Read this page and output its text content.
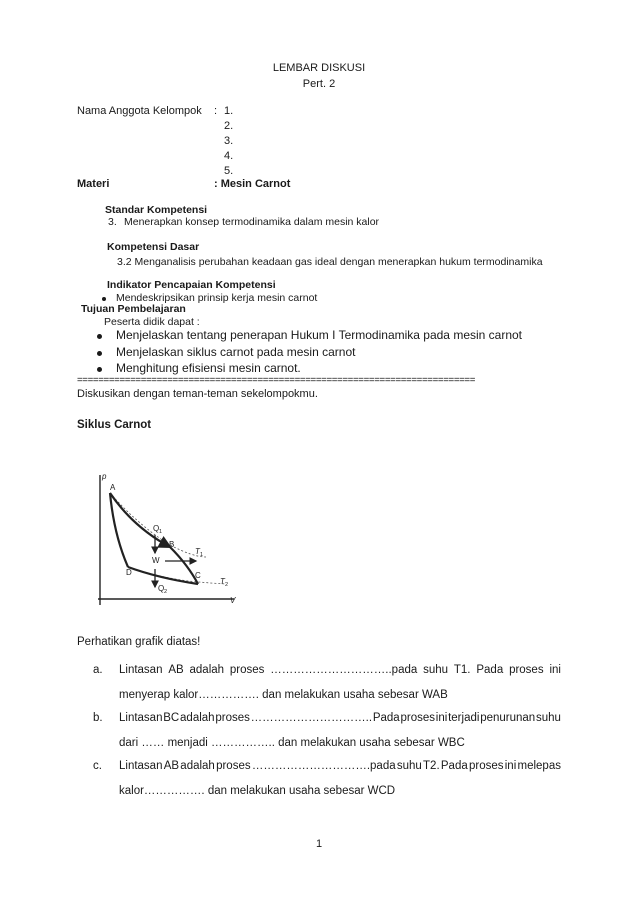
LEMBAR DISKUSI
Pert. 2
Nama Anggota Kelompok : 1.
2.
3.
4.
5.
Materi	: Mesin Carnot
Standar Kompetensi
3. Menerapkan konsep termodinamika dalam mesin kalor
Kompetensi Dasar
3.2 Menganalisis perubahan keadaan gas ideal dengan menerapkan hukum termodinamika
Indikator Pencapaian Kompetensi
Mendeskripsikan prinsip kerja mesin carnot
Tujuan Pembelajaran
Peserta didik dapat :
Menjelaskan tentang penerapan Hukum I Termodinamika pada mesin carnot
Menjelaskan siklus carnot pada mesin carnot
Menghitung efisiensi mesin carnot.
===========================================================================
Diskusikan dengan teman-teman sekelompokmu.
Siklus Carnot
p
V
A
B
C
D
Q 1
Q 2
W
T 1
T 2
Perhatikan grafik diatas!
a. Lintasan AB adalah proses …………………………..pada suhu T1. Pada proses ini
menyerap kalor……………. dan melakukan usaha sebesar WAB
b. Lintasan BC adalah proses ………………………….. Pada proses ini terjadi penurunan suhu
dari …… menjadi …………….. dan melakukan usaha sebesar WBC
c. Lintasan AB adalah proses ………………………….pada suhu T2. Pada proses ini melepas
kalor……………. dan melakukan usaha sebesar WCD
1
